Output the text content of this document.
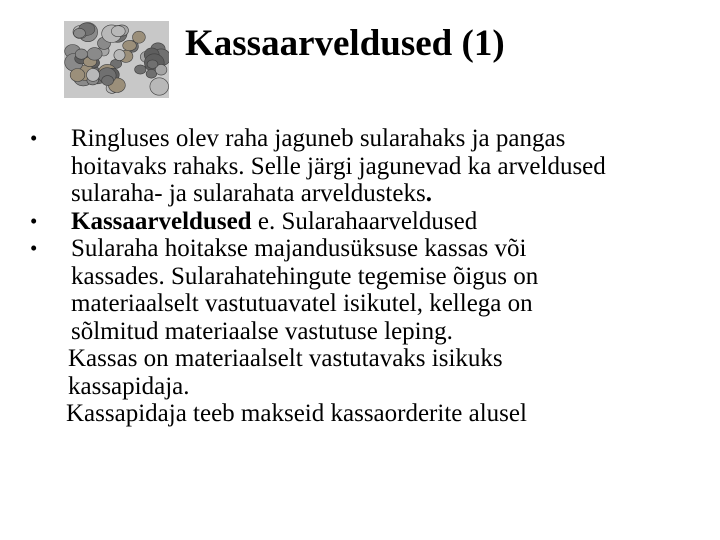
Kassaarveldused (1)
• Ringluses olev raha jaguneb sularahaks ja pangas
hoitavaks rahaks. Selle järgi jagunevad ka arveldused
sularaha- ja sularahata arveldusteks.
• Kassaarveldused e. Sularahaarveldused
• Sularaha hoitakse majandusüksuse kassas või
kassades. Sularahatehingute tegemise õigus on
materiaalselt vastutuavatel isikutel, kellega on
sõlmitud materiaalse vastutuse leping.
Kassas on materiaalselt vastutavaks isikuks
kassapidaja.
Kassapidaja teeb makseid kassaorderite alusel
